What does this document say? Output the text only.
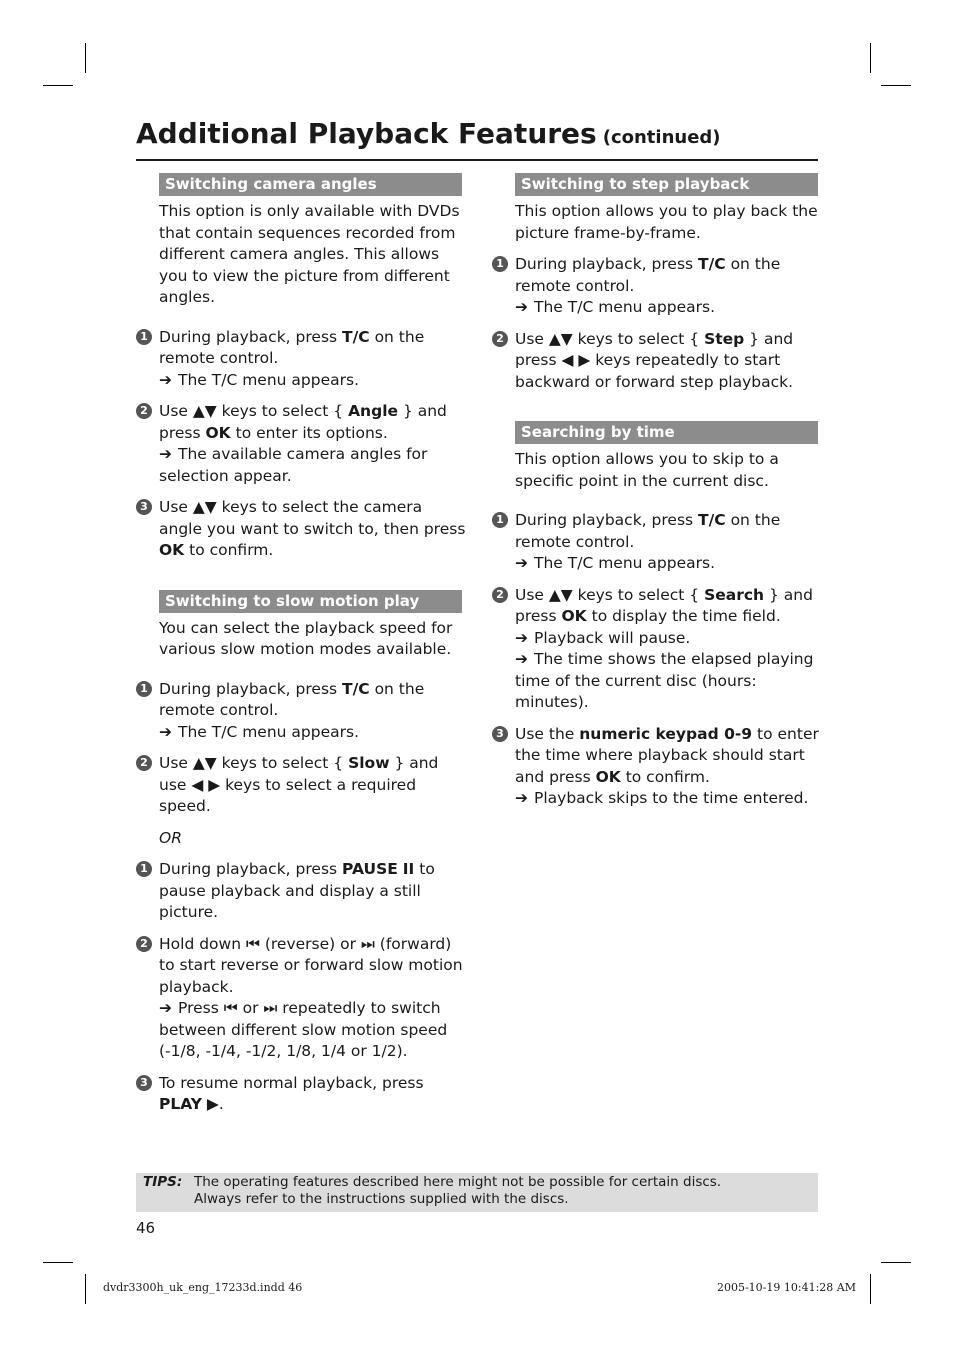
Additional Playback Features (continued)
Switching camera angles
This option is only available with DVDs that contain sequences recorded from different camera angles. This allows you to view the picture from different angles.
1 During playback, press T/C on the remote control.
➔ The T/C menu appears.
2 Use ▲▼ keys to select { Angle } and press OK to enter its options.
➔ The available camera angles for selection appear.
3 Use ▲▼ keys to select the camera angle you want to switch to, then press OK to confirm.
Switching to slow motion play
You can select the playback speed for various slow motion modes available.
1 During playback, press T/C on the remote control.
➔ The T/C menu appears.
2 Use ▲▼ keys to select { Slow } and use ◀ ▶ keys to select a required speed.
OR
1 During playback, press PAUSE II to pause playback and display a still picture.
2 Hold down ⏮ (reverse) or ⏭ (forward) to start reverse or forward slow motion playback.
➔ Press ⏮ or ⏭ repeatedly to switch between different slow motion speed (-1/8, -1/4, -1/2, 1/8, 1/4 or 1/2).
3 To resume normal playback, press
PLAY ▶.
Switching to step playback
This option allows you to play back the picture frame-by-frame.
1 During playback, press T/C on the remote control.
➔ The T/C menu appears.
2 Use ▲▼ keys to select { Step } and press ◀ ▶ keys repeatedly to start backward or forward step playback.
Searching by time
This option allows you to skip to a specific point in the current disc.
1 During playback, press T/C on the remote control.
➔ The T/C menu appears.
2 Use ▲▼ keys to select { Search } and press OK to display the time field.
➔ Playback will pause.
➔ The time shows the elapsed playing time of the current disc (hours: minutes).
3 Use the numeric keypad 0-9 to enter the time where playback should start and press OK to confirm.
➔ Playback skips to the time entered.
TIPS: The operating features described here might not be possible for certain discs.
Always refer to the instructions supplied with the discs.
46
dvdr3300h_uk_eng_17233d.indd 46	2005-10-19 10:41:28 AM
